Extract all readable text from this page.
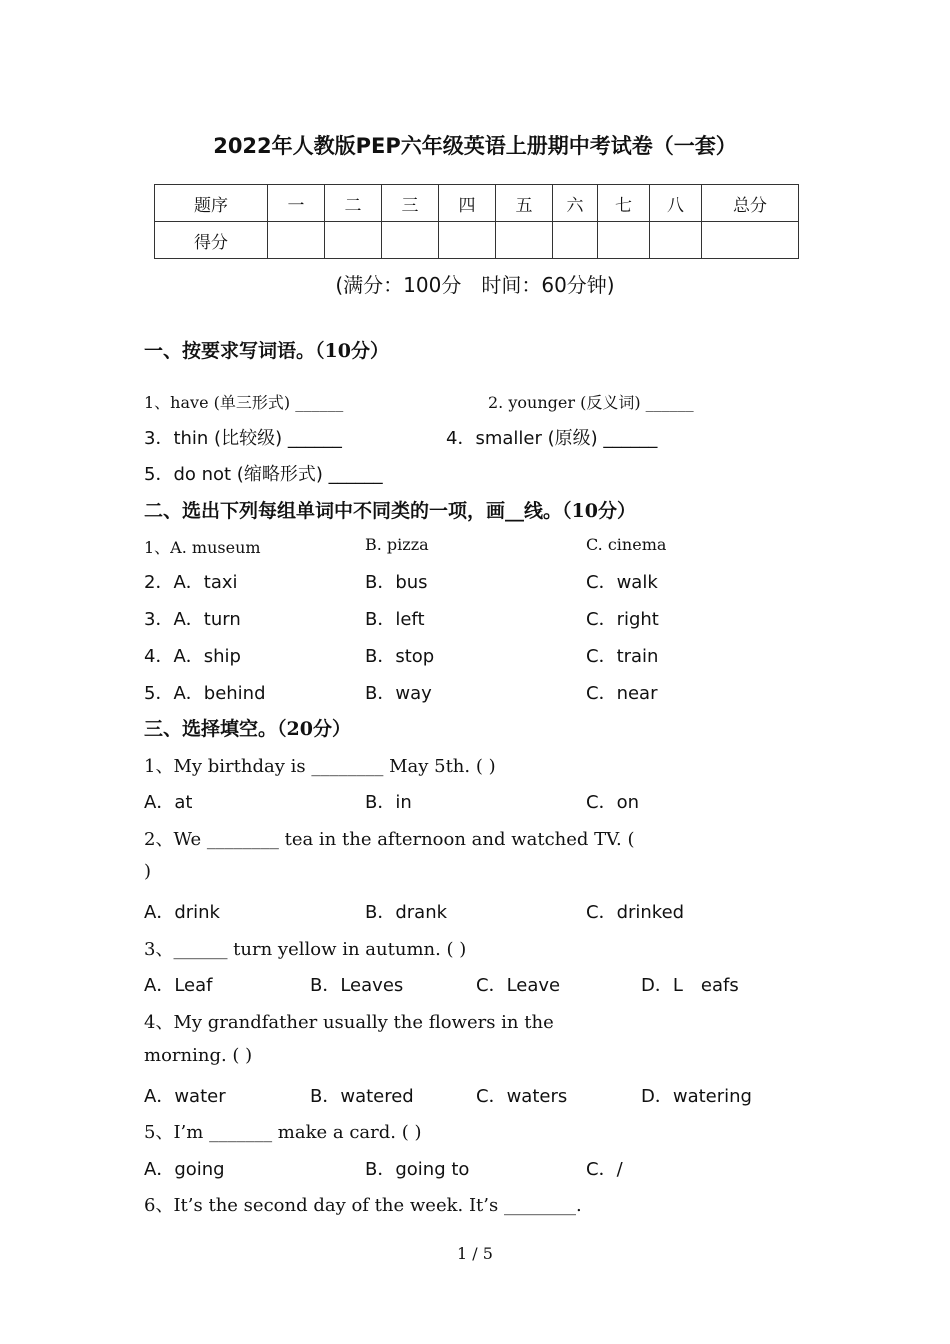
2022年人教版PEP六年级英语上册期中考试卷（一套）
题序	一	二	三	四	五	六	七	八	总分
得分									
(满分：100分　时间：60分钟)
一、按要求写词语。（10分）
1、have (单三形式) ______	2. younger (反义词) ______
3．thin (比较级) ______	4．smaller (原级) ______
5．do not (缩略形式) ______
二、选出下列每组单词中不同类的一项，画__线。（10分）
1、A. museum	B. pizza	C. cinema
2．A．taxi	B．bus	C．walk
3．A．turn	B．left	C．right
4．A．ship	B．stop	C．train
5．A．behind	B．way	C．near
三、选择填空。（20分）
1、My birthday is ________ May 5th. ( )
A．at	B．in	C．on
2、We ________ tea in the afternoon and watched TV. (
)
A．drink	B．drank	C．drinked
3、______ turn yellow in autumn. ( )
A．Leaf	B．Leaves	C．Leave	D．L　eafs
4、My grandfather usually the flowers in the
morning. ( )
A．water	B．watered	C．waters	D．watering
5、I’m _______ make a card. ( )
A．going	B．going to	C．/
6、It’s the second day of the week. It’s ________.
1 / 5
